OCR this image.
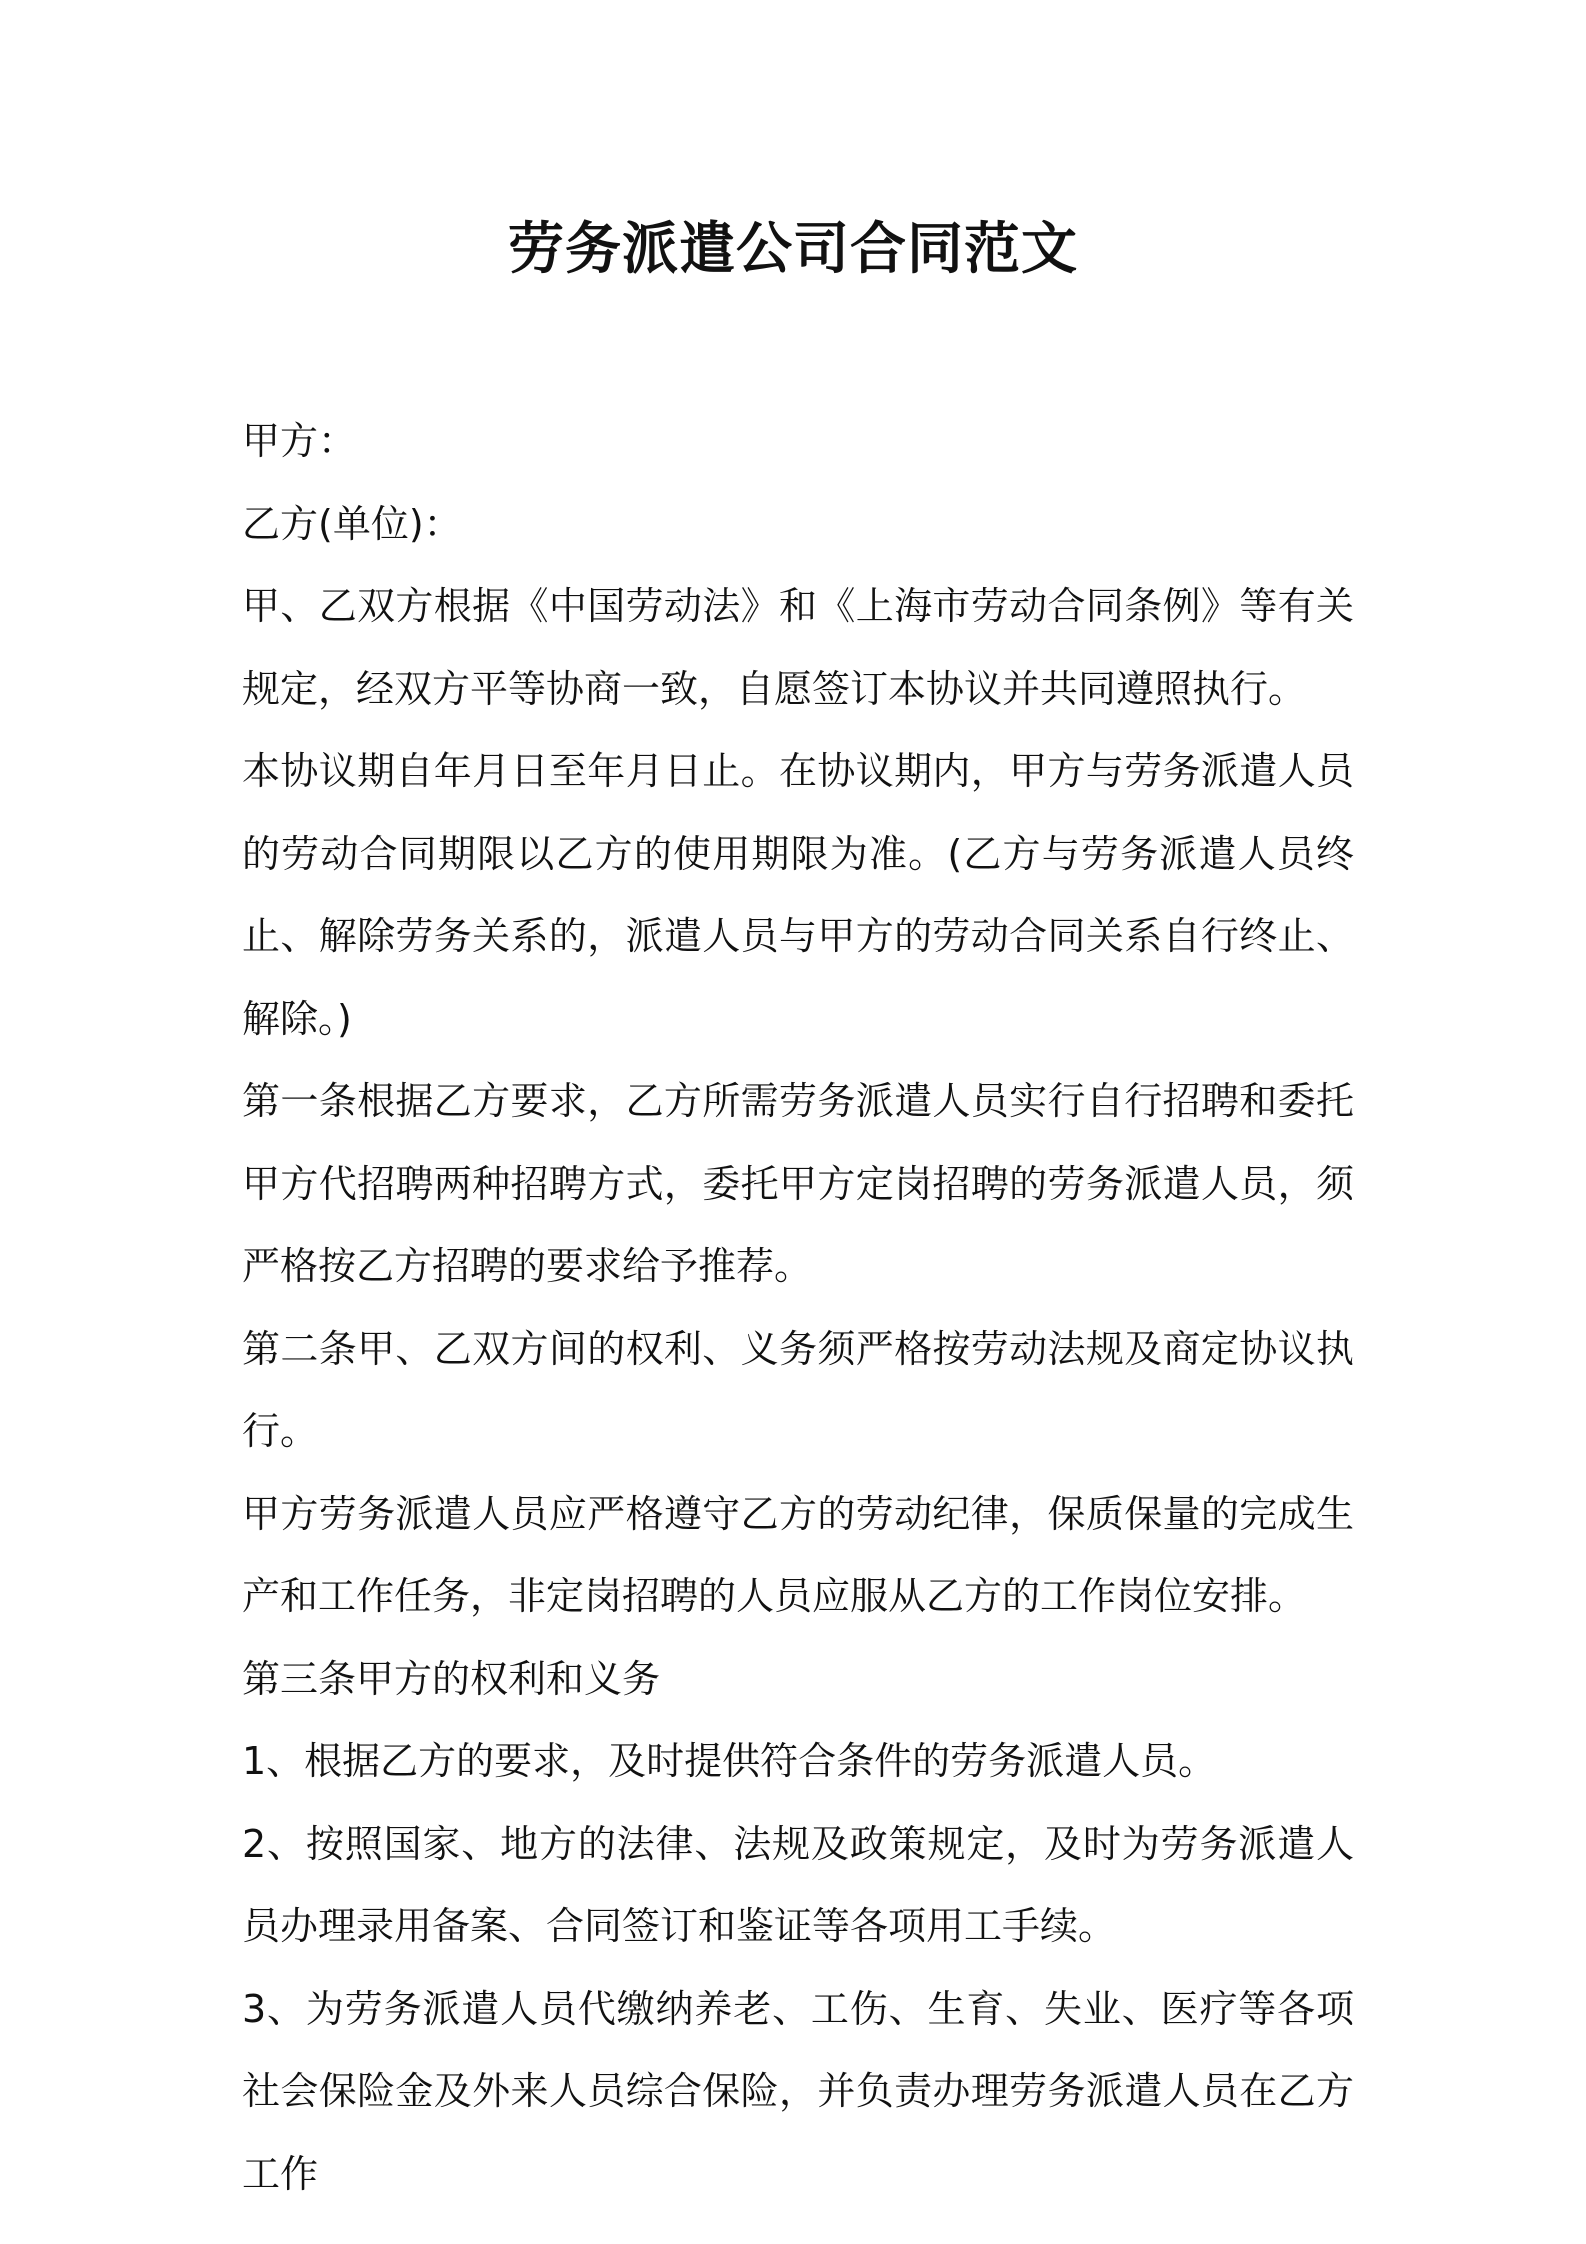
劳务派遣公司合同范文

甲方：

乙方(单位)：

甲、乙双方根据《中国劳动法》和《上海市劳动合同条例》等有关规定，经双方平等协商一致，自愿签订本协议并共同遵照执行。

本协议期自年月日至年月日止。在协议期内，甲方与劳务派遣人员的劳动合同期限以乙方的使用期限为准。(乙方与劳务派遣人员终止、解除劳务关系的，派遣人员与甲方的劳动合同关系自行终止、解除。)

第一条根据乙方要求，乙方所需劳务派遣人员实行自行招聘和委托甲方代招聘两种招聘方式，委托甲方定岗招聘的劳务派遣人员，须严格按乙方招聘的要求给予推荐。

第二条甲、乙双方间的权利、义务须严格按劳动法规及商定协议执行。

甲方劳务派遣人员应严格遵守乙方的劳动纪律，保质保量的完成生产和工作任务，非定岗招聘的人员应服从乙方的工作岗位安排。

第三条甲方的权利和义务

1、根据乙方的要求，及时提供符合条件的劳务派遣人员。

2、按照国家、地方的法律、法规及政策规定，及时为劳务派遣人员办理录用备案、合同签订和鉴证等各项用工手续。

3、为劳务派遣人员代缴纳养老、工伤、生育、失业、医疗等各项社会保险金及外来人员综合保险，并负责办理劳务派遣人员在乙方工作
